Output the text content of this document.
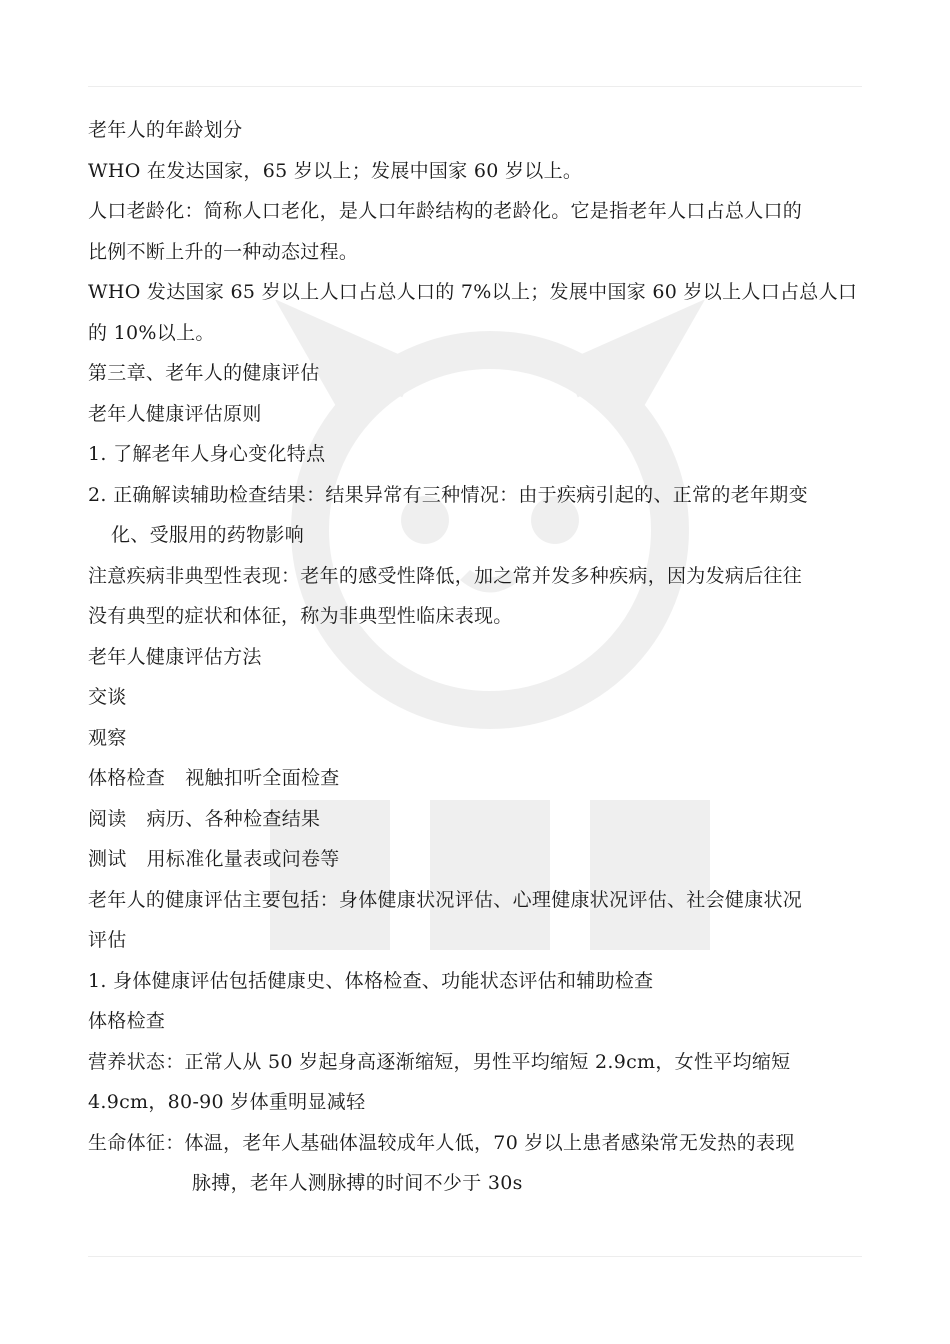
老年人的年龄划分
WHO 在发达国家，65 岁以上；发展中国家 60 岁以上。
人口老龄化：简称人口老化，是人口年龄结构的老龄化。它是指老年人口占总人口的
比例不断上升的一种动态过程。
WHO 发达国家 65 岁以上人口占总人口的 7%以上；发展中国家 60 岁以上人口占总人口
的 10%以上。
第三章、老年人的健康评估
老年人健康评估原则
1. 了解老年人身心变化特点
2. 正确解读辅助检查结果：结果异常有三种情况：由于疾病引起的、正常的老年期变
化、受服用的药物影响
注意疾病非典型性表现：老年的感受性降低，加之常并发多种疾病，因为发病后往往
没有典型的症状和体征，称为非典型性临床表现。
老年人健康评估方法
交谈
观察
体格检查 视触扣听全面检查
阅读 病历、各种检查结果
测试 用标准化量表或问卷等
老年人的健康评估主要包括：身体健康状况评估、心理健康状况评估、社会健康状况
评估
1. 身体健康评估包括健康史、体格检查、功能状态评估和辅助检查
体格检查
营养状态：正常人从 50 岁起身高逐渐缩短，男性平均缩短 2.9cm，女性平均缩短
4.9cm，80-90 岁体重明显减轻
生命体征：体温，老年人基础体温较成年人低，70 岁以上患者感染常无发热的表现
脉搏，老年人测脉搏的时间不少于 30s
